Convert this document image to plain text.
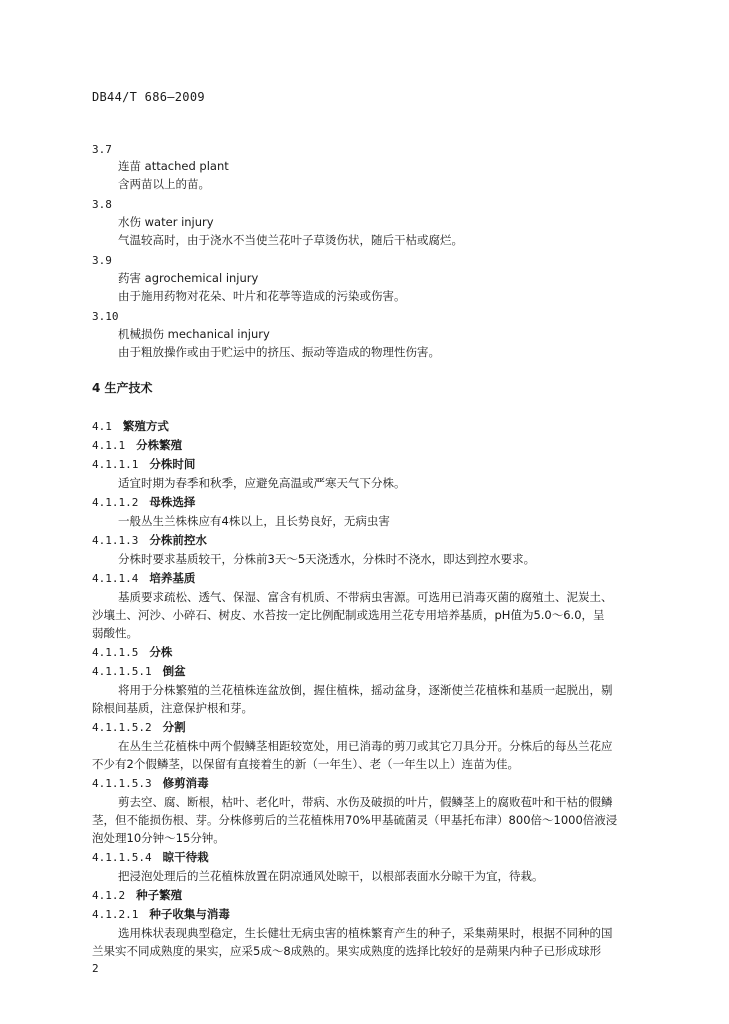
DB44/T 686—2009
3.7
连苗 attached plant
含两苗以上的苗。
3.8
水伤 water injury
气温较高时，由于浇水不当使兰花叶子草烫伤状，随后干枯或腐烂。
3.9
药害 agrochemical injury
由于施用药物对花朵、叶片和花葶等造成的污染或伤害。
3.10
机械损伤 mechanical injury
由于粗放操作或由于贮运中的挤压、振动等造成的物理性伤害。
4 生产技术
4.1 繁殖方式
4.1.1 分株繁殖
4.1.1.1 分株时间
适宜时期为春季和秋季，应避免高温或严寒天气下分株。
4.1.1.2 母株选择
一般丛生兰株株应有4株以上，且长势良好，无病虫害
4.1.1.3 分株前控水
分株时要求基质较干，分株前3天～5天浇透水，分株时不浇水，即达到控水要求。
4.1.1.4 培养基质
基质要求疏松、透气、保湿、富含有机质、不带病虫害源。可选用已消毒灭菌的腐殖土、泥炭土、
沙壤土、河沙、小碎石、树皮、水苔按一定比例配制或选用兰花专用培养基质，pH值为5.0～6.0，呈
弱酸性。
4.1.1.5 分株
4.1.1.5.1 倒盆
将用于分株繁殖的兰花植株连盆放倒，握住植株，摇动盆身，逐渐使兰花植株和基质一起脱出，剔
除根间基质，注意保护根和芽。
4.1.1.5.2 分割
在丛生兰花植株中两个假鳞茎相距较宽处，用已消毒的剪刀或其它刀具分开。分株后的每丛兰花应
不少有2个假鳞茎，以保留有直接着生的新（一年生）、老（一年生以上）连苗为佳。
4.1.1.5.3 修剪消毒
剪去空、腐、断根，枯叶、老化叶，带病、水伤及破损的叶片，假鳞茎上的腐败苞叶和干枯的假鳞
茎，但不能损伤根、芽。分株修剪后的兰花植株用70%甲基硫菌灵（甲基托布津）800倍～1000倍液浸
泡处理10分钟～15分钟。
4.1.1.5.4 晾干待栽
把浸泡处理后的兰花植株放置在阴凉通风处晾干，以根部表面水分晾干为宜，待栽。
4.1.2 种子繁殖
4.1.2.1 种子收集与消毒
选用株状表现典型稳定，生长健壮无病虫害的植株繁育产生的种子，采集蒴果时，根据不同种的国
兰果实不同成熟度的果实，应采5成～8成熟的。果实成熟度的选择比较好的是蒴果内种子已形成球形
2
